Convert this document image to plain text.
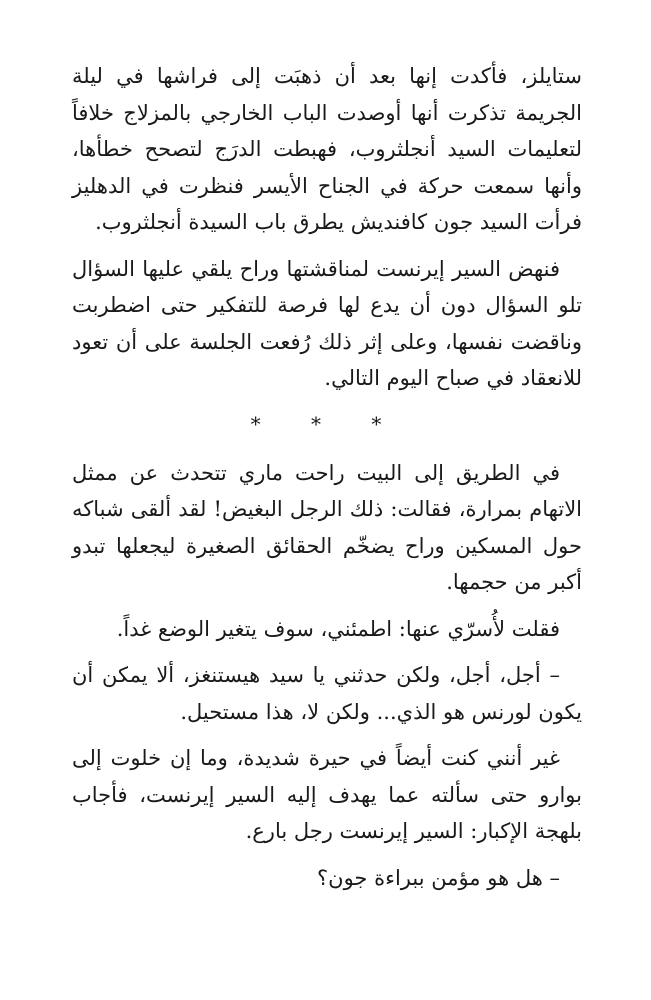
ستايلز، فأكدت إنها بعد أن ذهبَت إلى فراشها في ليلة الجريمة تذكرت أنها أوصدت الباب الخارجي بالمزلاج خلافاً لتعليمات السيد أنجلثروب، فهبطت الدرَج لتصحح خطأها، وأنها سمعت حركة في الجناح الأيسر فنظرت في الدهليز فرأت السيد جون كافنديش يطرق باب السيدة أنجلثروب.

فنهض السير إيرنست لمناقشتها وراح يلقي عليها السؤال تلو السؤال دون أن يدع لها فرصة للتفكير حتى اضطربت وناقضت نفسها، وعلى إثر ذلك رُفعت الجلسة على أن تعود للانعقاد في صباح اليوم التالي.

* * *

في الطريق إلى البيت راحت ماري تتحدث عن ممثل الاتهام بمرارة، فقالت: ذلك الرجل البغيض! لقد ألقى شباكه حول المسكين وراح يضخّم الحقائق الصغيرة ليجعلها تبدو أكبر من حجمها.

فقلت لأُسرّي عنها: اطمئني، سوف يتغير الوضع غداً.

– أجل، أجل، ولكن حدثني يا سيد هيستنغز، ألا يمكن أن يكون لورنس هو الذي... ولكن لا، هذا مستحيل.

غير أنني كنت أيضاً في حيرة شديدة، وما إن خلوت إلى بوارو حتى سألته عما يهدف إليه السير إيرنست، فأجاب بلهجة الإكبار: السير إيرنست رجل بارع.

– هل هو مؤمن ببراءة جون؟
